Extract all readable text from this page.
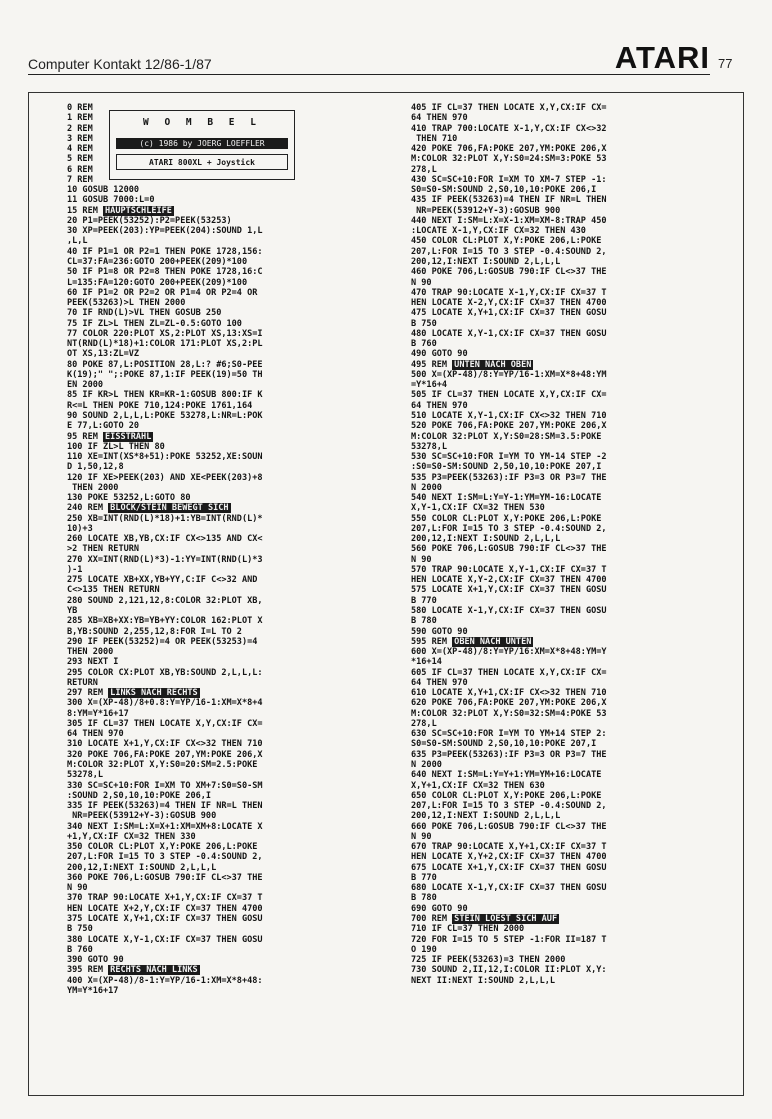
Computer Kontakt 12/86-1/87	ATARI 77
0 REM
1 REM
2 REM
3 REM
4 REM
5 REM
6 REM
7 REM
10 GOSUB 12000
11 GOSUB 7000:L=0
15 REM HAUPTSCHLEIFE
20 P1=PEEK(53252):P2=PEEK(53253)
30 XP=PEEK(203):YP=PEEK(204):SOUND 1,L
,L,L
40 IF P1=1 OR P2=1 THEN POKE 1728,156:
CL=37:FA=236:GOTO 200+PEEK(209)*100
50 IF P1=8 OR P2=8 THEN POKE 1728,16:C
L=135:FA=120:GOTO 200+PEEK(209)*100
60 IF P1=2 OR P2=2 OR P1=4 OR P2=4 OR
PEEK(53263)>L THEN 2000
70 IF RND(L)>VL THEN GOSUB 250
75 IF ZL>L THEN ZL=ZL-0.5:GOTO 100
77 COLOR 220:PLOT XS,2:PLOT XS,13:XS=I
NT(RND(L)*18)+1:COLOR 171:PLOT XS,2:PL
OT XS,13:ZL=VZ
80 POKE 87,L:POSITION 28,L:? #6;S0-PEE
K(19);" ";:POKE 87,1:IF PEEK(19)=50 TH
EN 2000
85 IF KR>L THEN KR=KR-1:GOSUB 800:IF K
R<=L THEN POKE 710,124:POKE 1761,164
90 SOUND 2,L,L,L:POKE 53278,L:NR=L:POK
E 77,L:GOTO 20
95 REM EISSTRAHL
100 IF ZL>L THEN 80
110 XE=INT(XS*8+51):POKE 53252,XE:SOUN
D 1,50,12,8
120 IF XE>PEEK(203) AND XE<PEEK(203)+8
THEN 2000
130 POKE 53252,L:GOTO 80
240 REM BLOCK/STEIN BEWEGT SICH
250 XB=INT(RND(L)*18)+1:YB=INT(RND(L)*
10)+3
260 LOCATE XB,YB,CX:IF CX<>135 AND CX<
>2 THEN RETURN
270 XX=INT(RND(L)*3)-1:YY=INT(RND(L)*3
)-1
275 LOCATE XB+XX,YB+YY,C:IF C<>32 AND
C<>135 THEN RETURN
280 SOUND 2,121,12,8:COLOR 32:PLOT XB,
YB
285 XB=XB+XX:YB=YB+YY:COLOR 162:PLOT X
B,YB:SOUND 2,255,12,8:FOR I=L TO 2
290 IF PEEK(53252)=4 OR PEEK(53253)=4
THEN 2000
293 NEXT I
295 COLOR CX:PLOT XB,YB:SOUND 2,L,L,L:
RETURN
297 REM LINKS NACH RECHTS
300 X=(XP-48)/8+0.8:Y=YP/16-1:XM=X*8+4
8:YM=Y*16+17
305 IF CL=37 THEN LOCATE X,Y,CX:IF CX=
64 THEN 970
310 LOCATE X+1,Y,CX:IF CX<>32 THEN 710
320 POKE 706,FA:POKE 207,YM:POKE 206,X
M:COLOR 32:PLOT X,Y:S0=20:SM=2.5:POKE
53278,L
330 SC=SC+10:FOR I=XM TO XM+7:S0=S0-SM
:SOUND 2,S0,10,10:POKE 206,I
335 IF PEEK(53263)=4 THEN IF NR=L THEN
NR=PEEK(53912+Y-3):GOSUB 900
340 NEXT I:SM=L:X=X+1:XM=XM+8:LOCATE X
+1,Y,CX:IF CX=32 THEN 330
350 COLOR CL:PLOT X,Y:POKE 206,L:POKE
207,L:FOR I=15 TO 3 STEP -0.4:SOUND 2,
200,12,I:NEXT I:SOUND 2,L,L,L
360 POKE 706,L:GOSUB 790:IF CL<>37 THE
N 90
370 TRAP 90:LOCATE X+1,Y,CX:IF CX=37 T
HEN LOCATE X+2,Y,CX:IF CX=37 THEN 4700
375 LOCATE X,Y+1,CX:IF CX=37 THEN GOSU
B 750
380 LOCATE X,Y-1,CX:IF CX=37 THEN GOSU
B 760
390 GOTO 90
395 REM RECHTS NACH LINKS
400 X=(XP-48)/8-1:Y=YP/16-1:XM=X*8+48:
YM=Y*16+17
405 IF CL=37 THEN LOCATE X,Y,CX:IF CX=
64 THEN 970
410 TRAP 700:LOCATE X-1,Y,CX:IF CX<>32
THEN 710
420 POKE 706,FA:POKE 207,YM:POKE 206,X
M:COLOR 32:PLOT X,Y:S0=24:SM=3:POKE 53
278,L
430 SC=SC+10:FOR I=XM TO XM-7 STEP -1:
S0=S0-SM:SOUND 2,S0,10,10:POKE 206,I
435 IF PEEK(53263)=4 THEN IF NR=L THEN
NR=PEEK(53912+Y-3):GOSUB 900
440 NEXT I:SM=L:X=X-1:XM=XM-8:TRAP 450
:LOCATE X-1,Y,CX:IF CX=32 THEN 430
450 COLOR CL:PLOT X,Y:POKE 206,L:POKE
207,L:FOR I=15 TO 3 STEP -0.4:SOUND 2,
200,12,I:NEXT I:SOUND 2,L,L,L
460 POKE 706,L:GOSUB 790:IF CL<>37 THE
N 90
470 TRAP 90:LOCATE X-1,Y,CX:IF CX=37 T
HEN LOCATE X-2,Y,CX:IF CX=37 THEN 4700
475 LOCATE X,Y+1,CX:IF CX=37 THEN GOSU
B 750
480 LOCATE X,Y-1,CX:IF CX=37 THEN GOSU
B 760
490 GOTO 90
495 REM UNTEN NACH OBEN
500 X=(XP-48)/8:Y=YP/16-1:XM=X*8+48:YM
=Y*16+4
505 IF CL=37 THEN LOCATE X,Y,CX:IF CX=
64 THEN 970
510 LOCATE X,Y-1,CX:IF CX<>32 THEN 710
520 POKE 706,FA:POKE 207,YM:POKE 206,X
M:COLOR 32:PLOT X,Y:S0=28:SM=3.5:POKE
53278,L
530 SC=SC+10:FOR I=YM TO YM-14 STEP -2
:S0=S0-SM:SOUND 2,50,10,10:POKE 207,I
535 P3=PEEK(53263):IF P3=3 OR P3=7 THE
N 2000
540 NEXT I:SM=L:Y=Y-1:YM=YM-16:LOCATE
X,Y-1,CX:IF CX=32 THEN 530
550 COLOR CL:PLOT X,Y:POKE 206,L:POKE
207,L:FOR I=15 TO 3 STEP -0.4:SOUND 2,
200,12,I:NEXT I:SOUND 2,L,L,L
560 POKE 706,L:GOSUB 790:IF CL<>37 THE
N 90
570 TRAP 90:LOCATE X,Y-1,CX:IF CX=37 T
HEN LOCATE X,Y-2,CX:IF CX=37 THEN 4700
575 LOCATE X+1,Y,CX:IF CX=37 THEN GOSU
B 770
580 LOCATE X-1,Y,CX:IF CX=37 THEN GOSU
B 780
590 GOTO 90
595 REM OBEN NACH UNTEN
600 X=(XP-48)/8:Y=YP/16:XM=X*8+48:YM=Y
*16+14
605 IF CL=37 THEN LOCATE X,Y,CX:IF CX=
64 THEN 970
610 LOCATE X,Y+1,CX:IF CX<>32 THEN 710
620 POKE 706,FA:POKE 207,YM:POKE 206,X
M:COLOR 32:PLOT X,Y:S0=32:SM=4:POKE 53
278,L
630 SC=SC+10:FOR I=YM TO YM+14 STEP 2:
S0=S0-SM:SOUND 2,S0,10,10:POKE 207,I
635 P3=PEEK(53263):IF P3=3 OR P3=7 THE
N 2000
640 NEXT I:SM=L:Y=Y+1:YM=YM+16:LOCATE
X,Y+1,CX:IF CX=32 THEN 630
650 COLOR CL:PLOT X,Y:POKE 206,L:POKE
207,L:FOR I=15 TO 3 STEP -0.4:SOUND 2,
200,12,I:NEXT I:SOUND 2,L,L,L
660 POKE 706,L:GOSUB 790:IF CL<>37 THE
N 90
670 TRAP 90:LOCATE X,Y+1,CX:IF CX=37 T
HEN LOCATE X,Y+2,CX:IF CX=37 THEN 4700
675 LOCATE X+1,Y,CX:IF CX=37 THEN GOSU
B 770
680 LOCATE X-1,Y,CX:IF CX=37 THEN GOSU
B 780
690 GOTO 90
700 REM STEIN LOEST SICH AUF
710 IF CL=37 THEN 2000
720 FOR I=15 TO 5 STEP -1:FOR II=187 T
O 190
725 IF PEEK(53263)=3 THEN 2000
730 SOUND 2,II,12,I:COLOR II:PLOT X,Y:
NEXT II:NEXT I:SOUND 2,L,L,L
W O M B E L
(c) 1986 by JOERG LOEFFLER
ATARI 800XL + Joystick
